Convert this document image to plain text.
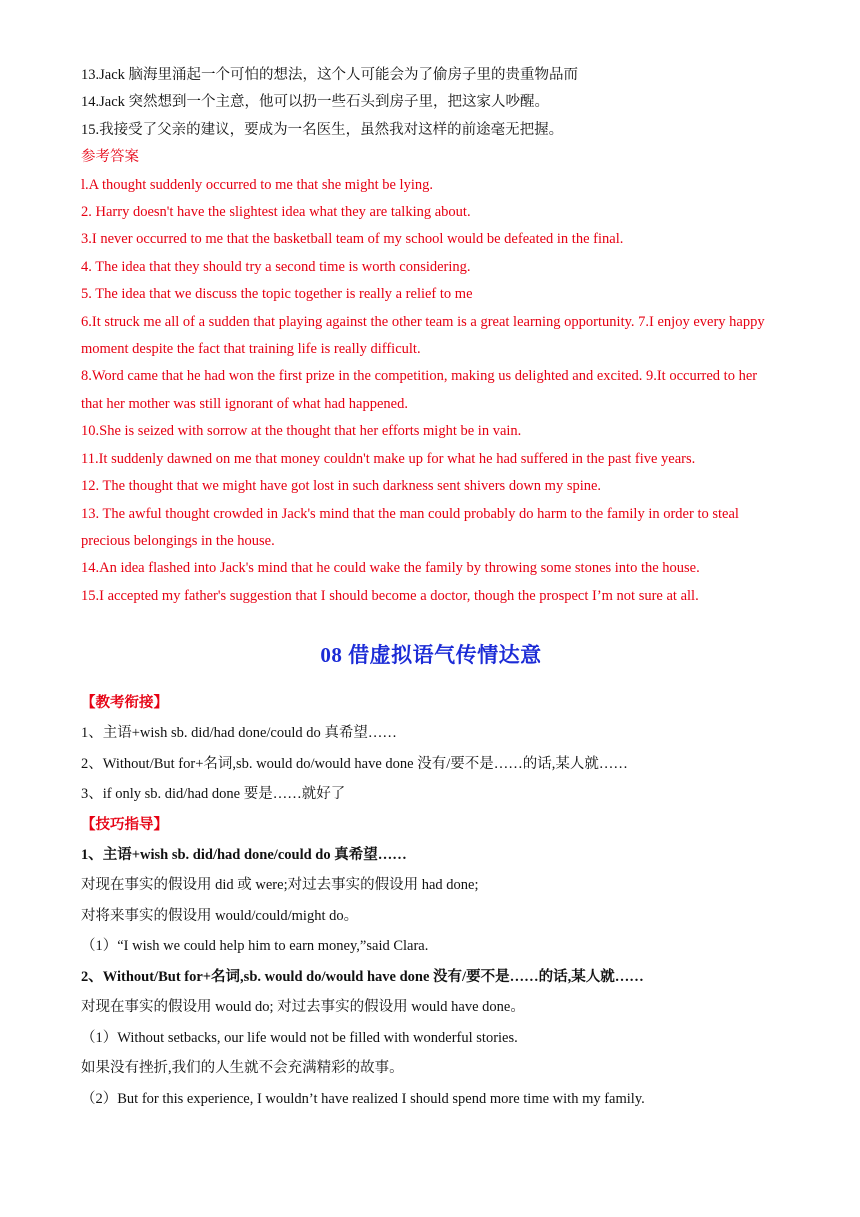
13.Jack 脑海里涌起一个可怕的想法，这个人可能会为了偷房子里的贵重物品而
14.Jack 突然想到一个主意，他可以扔一些石头到房子里，把这家人吵醒。
15.我接受了父亲的建议，要成为一名医生，虽然我对这样的前途毫无把握。
参考答案
l.A thought suddenly occurred to me that she might be lying.
2. Harry doesn't have the slightest idea what they are talking about.
3.I never occurred to me that the basketball team of my school would be defeated in the final.
4. The idea that they should try a second time is worth considering.
5. The idea that we discuss the topic together is really a relief to me
6.It struck me all of a sudden that playing against the other team is a great learning opportunity. 7.I enjoy every happy moment despite the fact that training life is really difficult.
8.Word came that he had won the first prize in the competition, making us delighted and excited. 9.It occurred to her that her mother was still ignorant of what had happened.
10.She is seized with sorrow at the thought that her efforts might be in vain.
11.It suddenly dawned on me that money couldn't make up for what he had suffered in the past five years.
12. The thought that we might have got lost in such darkness sent shivers down my spine.
13. The awful thought crowded in Jack's mind that the man could probably do harm to the family in order to steal precious belongings in the house.
14.An idea flashed into Jack's mind that he could wake the family by throwing some stones into the house.
15.I accepted my father's suggestion that I should become a doctor, though the prospect I’m not sure at all.
08 借虚拟语气传情达意
【教考衔接】
1、主语+wish sb. did/had done/could do 真希望……
2、Without/But for+名词,sb. would do/would have done 没有/要不是……的话,某人就……
3、if only sb. did/had done 要是……就好了
【技巧指导】
1、主语+wish sb. did/had done/could do 真希望……
对现在事实的假设用 did 或 were;对过去事实的假设用 had done;
对将来事实的假设用 would/could/might do。
（1）“I wish we could help him to earn money,”said Clara.
2、Without/But for+名词,sb. would do/would have done 没有/要不是……的话,某人就……
对现在事实的假设用 would do; 对过去事实的假设用 would have done。
（1）Without setbacks, our life would not be filled with wonderful stories.
如果没有挫折,我们的人生就不会充满精彩的故事。
（2）But for this experience, I wouldn’t have realized I should spend more time with my family.
